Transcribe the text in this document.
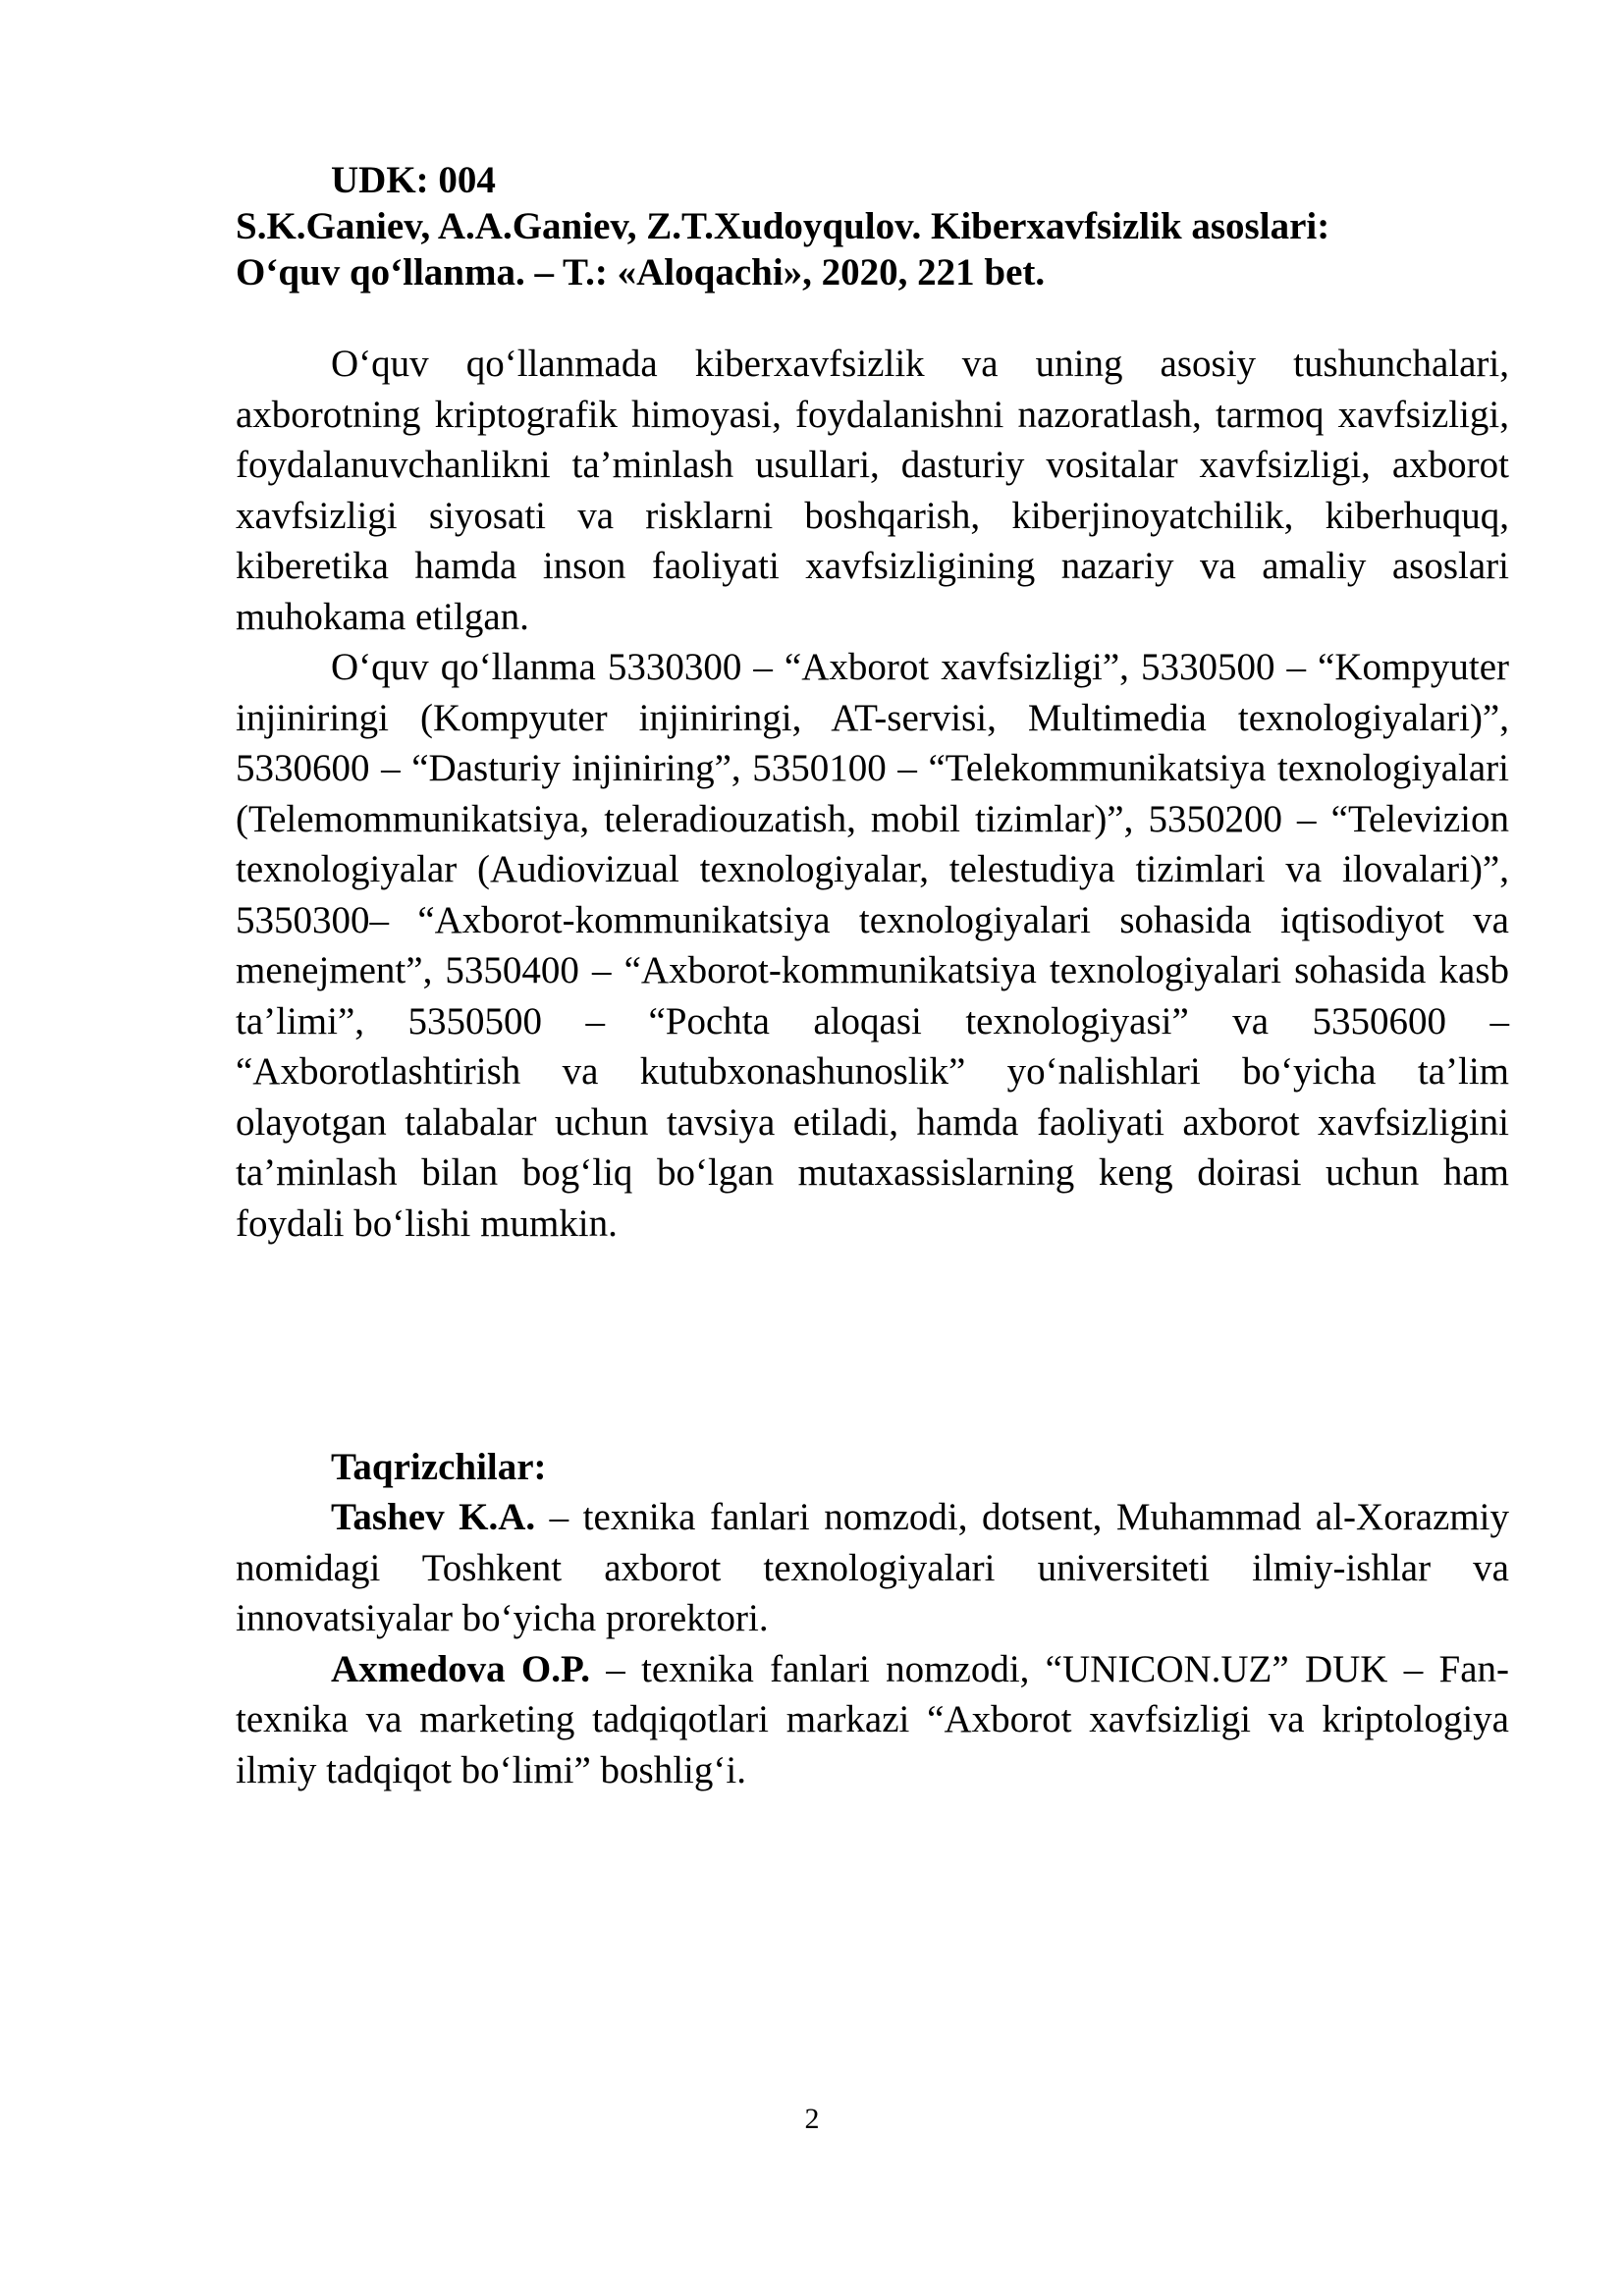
UDK: 004
S.K.Ganiev, A.A.Ganiev, Z.T.Xudoyqulov. Kiberxavfsizlik asoslari:
O‘quv qo‘llanma. – T.: «Aloqachi», 2020, 221 bet.

O‘quv qo‘llanmada kiberxavfsizlik va uning asosiy tushunchalari, axborotning kriptografik himoyasi, foydalanishni nazoratlash, tarmoq xavfsizligi, foydalanuvchanlikni ta’minlash usullari, dasturiy vositalar xavfsizligi, axborot xavfsizligi siyosati va risklarni boshqarish, kiberjinoyatchilik, kiberhuquq, kiberetika hamda inson faoliyati xavfsizligining nazariy va amaliy asoslari muhokama etilgan.

O‘quv qo‘llanma 5330300 – “Axborot xavfsizligi”, 5330500 – “Kompyuter injiniringi (Kompyuter injiniringi, AT-servisi, Multimedia texnologiyalari)”, 5330600 – “Dasturiy injiniring”, 5350100 – “Telekommunikatsiya texnologiyalari (Telemommunikatsiya, teleradiouzatish, mobil tizimlar)”, 5350200 – “Televizion texnologiyalar (Audiovizual texnologiyalar, telestudiya tizimlari va ilovalari)”, 5350300– “Axborot-kommunikatsiya texnologiyalari sohasida iqtisodiyot va menejment”, 5350400 – “Axborot-kommunikatsiya texnologiyalari sohasida kasb ta’limi”, 5350500 – “Pochta aloqasi texnologiyasi” va 5350600 – “Axborotlashtirish va kutubxonashunoslik” yo‘nalishlari bo‘yicha ta’lim olayotgan talabalar uchun tavsiya etiladi, hamda faoliyati axborot xavfsizligini ta’minlash bilan bog‘liq bo‘lgan mutaxassislarning keng doirasi uchun ham foydali bo‘lishi mumkin.

Taqrizchilar:

Tashev K.A. – texnika fanlari nomzodi, dotsent, Muhammad al-Xorazmiy nomidagi Toshkent axborot texnologiyalari universiteti ilmiy-ishlar va innovatsiyalar bo‘yicha prorektori.

Axmedova O.P. – texnika fanlari nomzodi, “UNICON.UZ” DUK – Fan-texnika va marketing tadqiqotlari markazi “Axborot xavfsizligi va kriptologiya ilmiy tadqiqot bo‘limi” boshlig‘i.

2
